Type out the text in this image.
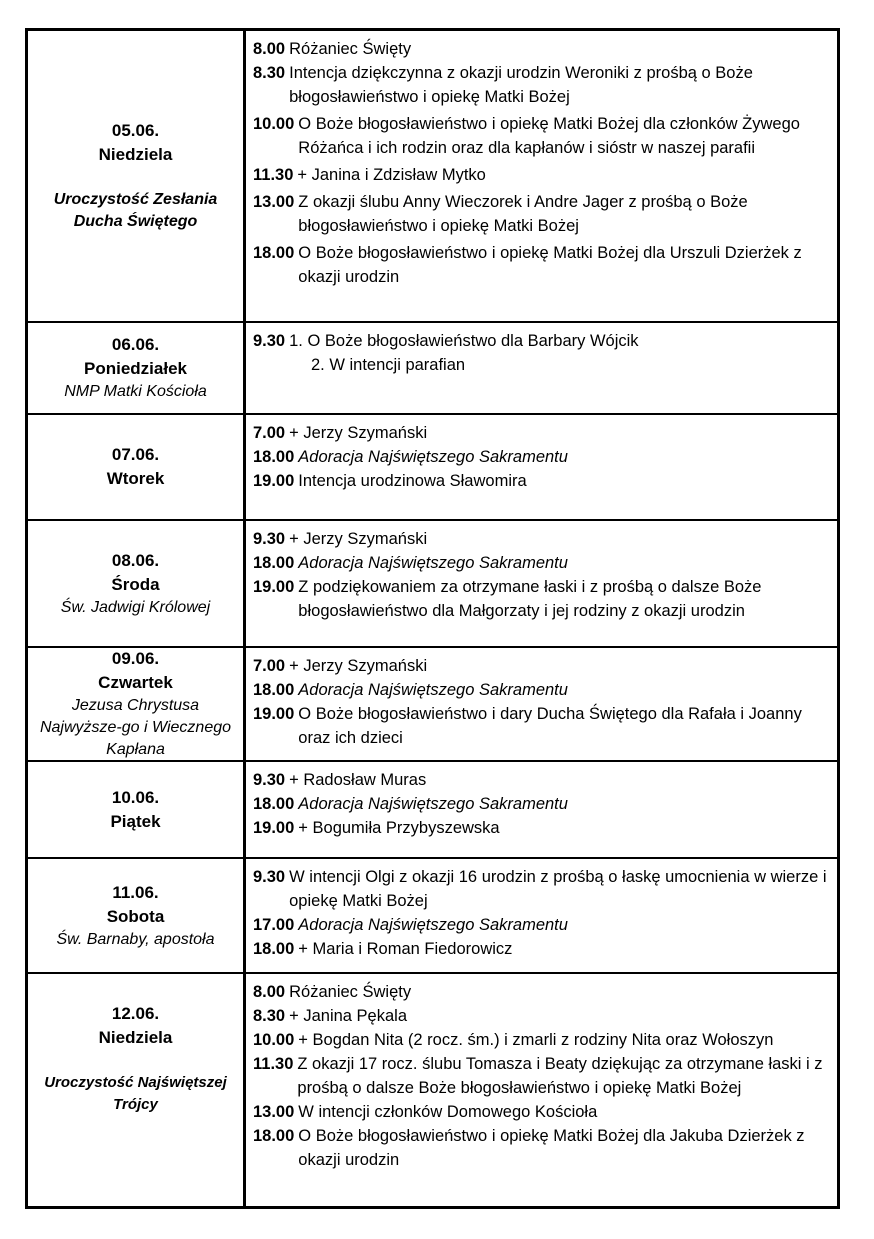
05.06.
Niedziela
Uroczystość Zesłania Ducha Świętego
8.00 Różaniec Święty
8.30 Intencja dziękczynna z okazji urodzin Weroniki z prośbą o Boże błogosławieństwo i opiekę Matki Bożej
10.00 O Boże błogosławieństwo i opiekę Matki Bożej dla członków Żywego Różańca i ich rodzin oraz dla kapłanów i sióstr w naszej parafii
11.30 + Janina i Zdzisław Mytko
13.00 Z okazji ślubu Anny Wieczorek i Andre Jager z prośbą o Boże błogosławieństwo i opiekę Matki Bożej
18.00 O Boże błogosławieństwo i opiekę Matki Bożej dla Urszuli Dzierżek z okazji urodzin
06.06.
Poniedziałek
NMP Matki Kościoła
9.30 1. O Boże błogosławieństwo dla Barbary Wójcik
2. W intencji parafian
07.06.
Wtorek
7.00 + Jerzy Szymański
18.00 Adoracja Najświętszego Sakramentu
19.00 Intencja urodzinowa Sławomira
08.06.
Środa
Św. Jadwigi Królowej
9.30 + Jerzy Szymański
18.00 Adoracja Najświętszego Sakramentu
19.00 Z podziękowaniem za otrzymane łaski i z prośbą o dalsze Boże błogosławieństwo dla Małgorzaty i jej rodziny z okazji urodzin
09.06.
Czwartek
Jezusa Chrystusa Najwyższe-go i Wiecznego Kapłana
7.00 + Jerzy Szymański
18.00 Adoracja Najświętszego Sakramentu
19.00 O Boże błogosławieństwo i dary Ducha Świętego dla Rafała i Joanny oraz ich dzieci
10.06.
Piątek
9.30 + Radosław Muras
18.00 Adoracja Najświętszego Sakramentu
19.00 + Bogumiła Przybyszewska
11.06.
Sobota
Św. Barnaby, apostoła
9.30 W intencji Olgi z okazji 16 urodzin z prośbą o łaskę umocnienia w wierze i opiekę Matki Bożej
17.00 Adoracja Najświętszego Sakramentu
18.00 + Maria i Roman Fiedorowicz
12.06.
Niedziela
Uroczystość Najświętszej Trójcy
8.00 Różaniec Święty
8.30 + Janina Pękala
10.00 + Bogdan Nita (2 rocz. śm.) i zmarli z rodziny Nita oraz Wołoszyn
11.30 Z okazji 17 rocz. ślubu Tomasza i Beaty dziękując za otrzymane łaski i z prośbą o dalsze Boże błogosławieństwo i opiekę Matki Bożej
13.00 W intencji członków Domowego Kościoła
18.00 O Boże błogosławieństwo i opiekę Matki Bożej dla Jakuba Dzierżek z okazji urodzin
